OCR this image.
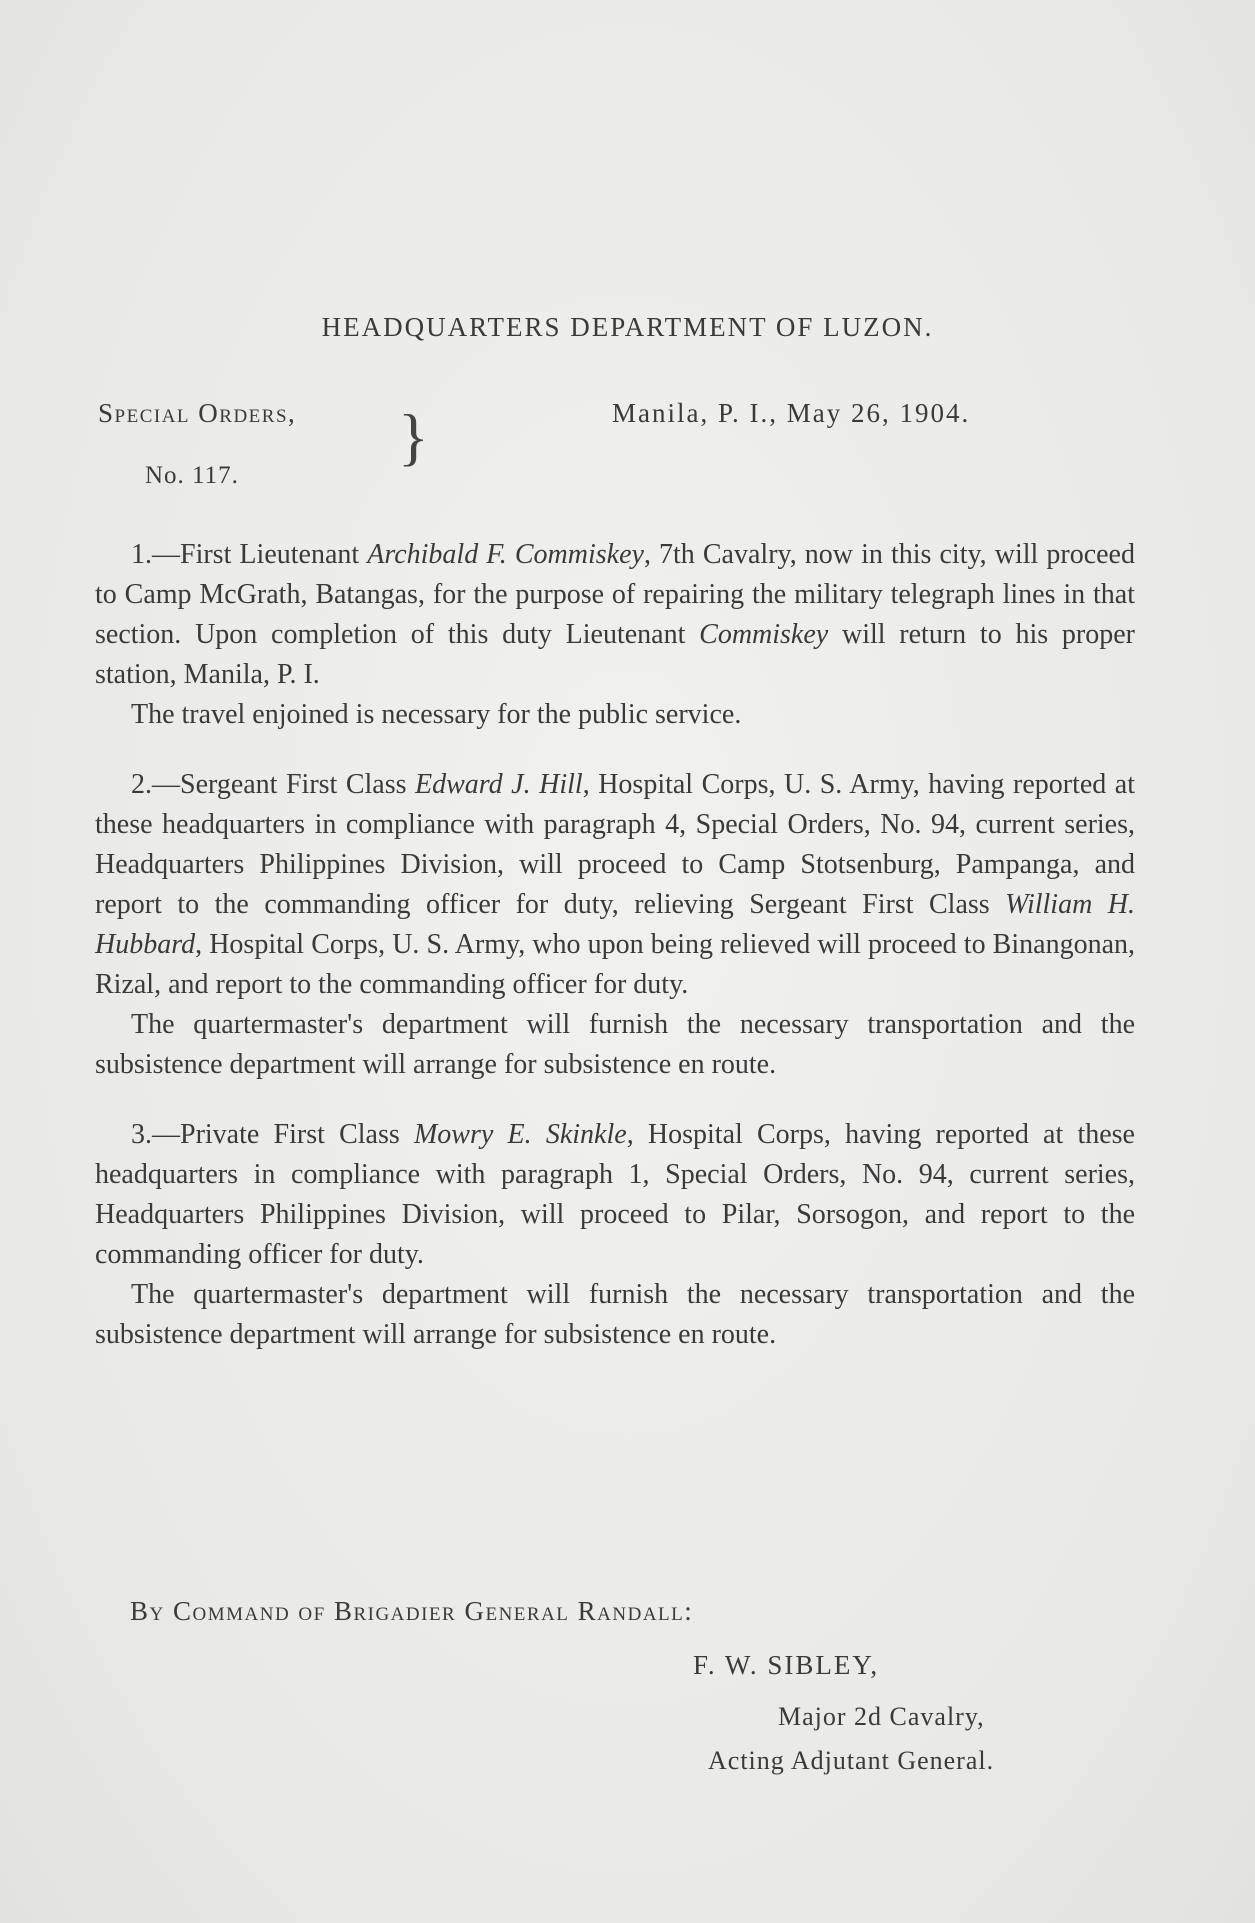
HEADQUARTERS DEPARTMENT OF LUZON.
Special Orders,
No. 117.
}	Manila, P. I., May 26, 1904.

1.—First Lieutenant Archibald F. Commiskey, 7th Cavalry, now in this city, will proceed to Camp McGrath, Batangas, for the purpose of repairing the military telegraph lines in that section. Upon completion of this duty Lieutenant Commiskey will return to his proper station, Manila, P. I.

The travel enjoined is necessary for the public service.

2.—Sergeant First Class Edward J. Hill, Hospital Corps, U. S. Army, having reported at these headquarters in compliance with paragraph 4, Special Orders, No. 94, current series, Headquarters Philippines Division, will proceed to Camp Stotsenburg, Pampanga, and report to the commanding officer for duty, relieving Sergeant First Class William H. Hubbard, Hospital Corps, U. S. Army, who upon being relieved will proceed to Binangonan, Rizal, and report to the commanding officer for duty.

The quartermaster's department will furnish the necessary transportation and the subsistence department will arrange for subsistence en route.

3.—Private First Class Mowry E. Skinkle, Hospital Corps, having reported at these headquarters in compliance with paragraph 1, Special Orders, No. 94, current series, Headquarters Philippines Division, will proceed to Pilar, Sorsogon, and report to the commanding officer for duty.

The quartermaster's department will furnish the necessary transportation and the subsistence department will arrange for subsistence en route.

By Command of Brigadier General Randall:
F. W. SIBLEY,
Major 2d Cavalry,
Acting Adjutant General.
